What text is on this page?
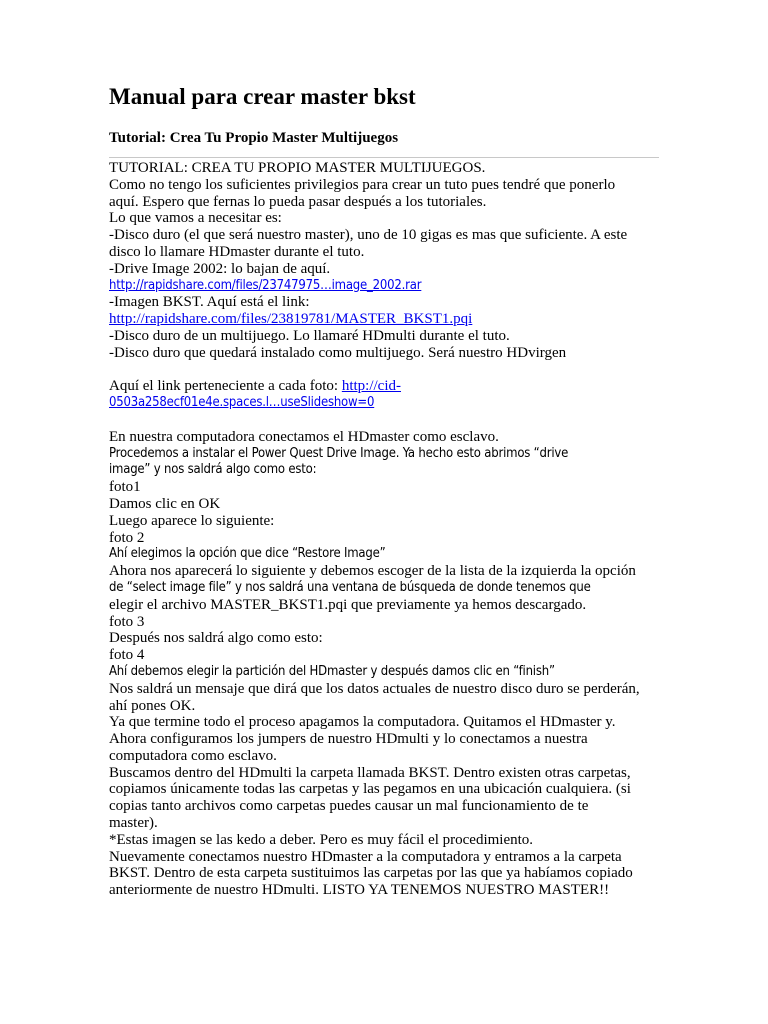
Manual para crear master bkst
Tutorial: Crea Tu Propio Master Multijuegos
TUTORIAL: CREA TU PROPIO MASTER MULTIJUEGOS.
Como no tengo los suficientes privilegios para crear un tuto pues tendré que ponerlo
aquí. Espero que fernas lo pueda pasar después a los tutoriales.
Lo que vamos a necesitar es:
-Disco duro (el que será nuestro master), uno de 10 gigas es mas que suficiente. A este
disco lo llamare HDmaster durante el tuto.
-Drive Image 2002: lo bajan de aquí.
http://rapidshare.com/files/23747975…image_2002.rar
-Imagen BKST. Aquí está el link:
http://rapidshare.com/files/23819781/MASTER_BKST1.pqi
-Disco duro de un multijuego. Lo llamaré HDmulti durante el tuto.
-Disco duro que quedará instalado como multijuego. Será nuestro HDvirgen
Aquí el link perteneciente a cada foto: http://cid-
0503a258ecf01e4e.spaces.l…useSlideshow=0
En nuestra computadora conectamos el HDmaster como esclavo.
Procedemos a instalar el Power Quest Drive Image. Ya hecho esto abrimos “drive
image” y nos saldrá algo como esto:
foto1
Damos clic en OK
Luego aparece lo siguiente:
foto 2
Ahí elegimos la opción que dice “Restore Image”
Ahora nos aparecerá lo siguiente y debemos escoger de la lista de la izquierda la opción
de “select image file” y nos saldrá una ventana de búsqueda de donde tenemos que
elegir el archivo MASTER_BKST1.pqi que previamente ya hemos descargado.
foto 3
Después nos saldrá algo como esto:
foto 4
Ahí debemos elegir la partición del HDmaster y después damos clic en “finish”
Nos saldrá un mensaje que dirá que los datos actuales de nuestro disco duro se perderán,
ahí pones OK.
Ya que termine todo el proceso apagamos la computadora. Quitamos el HDmaster y.
Ahora configuramos los jumpers de nuestro HDmulti y lo conectamos a nuestra
computadora como esclavo.
Buscamos dentro del HDmulti la carpeta llamada BKST. Dentro existen otras carpetas,
copiamos únicamente todas las carpetas y las pegamos en una ubicación cualquiera. (si
copias tanto archivos como carpetas puedes causar un mal funcionamiento de te
master).
*Estas imagen se las kedo a deber. Pero es muy fácil el procedimiento.
Nuevamente conectamos nuestro HDmaster a la computadora y entramos a la carpeta
BKST. Dentro de esta carpeta sustituimos las carpetas por las que ya habíamos copiado
anteriormente de nuestro HDmulti. LISTO YA TENEMOS NUESTRO MASTER!!
